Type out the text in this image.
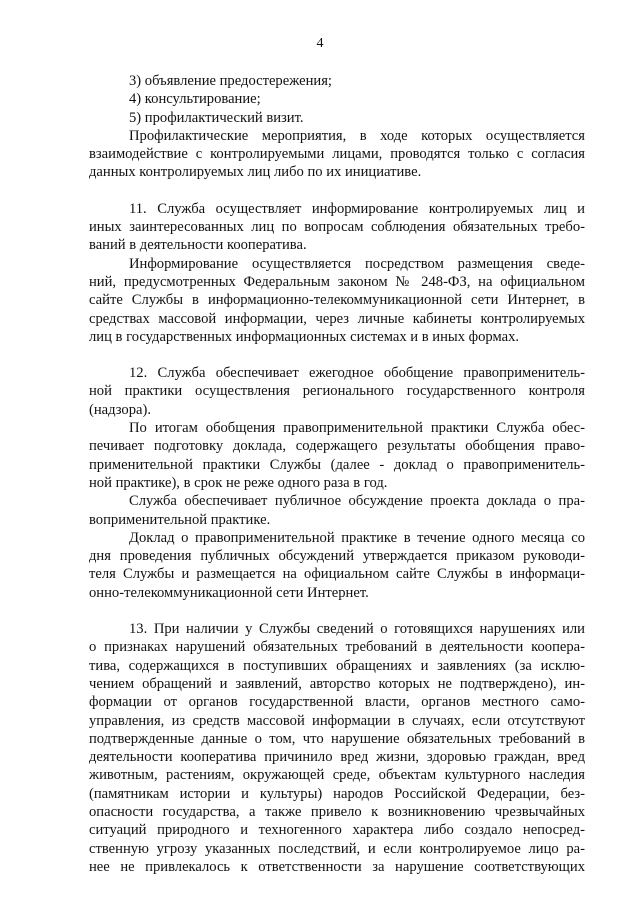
4
3) объявление предостережения;
4) консультирование;
5) профилактический визит.
Профилактические мероприятия, в ходе которых осуществляется
взаимодействие с контролируемыми лицами, проводятся только с согласия
данных контролируемых лиц либо по их инициативе.
11. Служба осуществляет информирование контролируемых лиц и
иных заинтересованных лиц по вопросам соблюдения обязательных требо-
ваний в деятельности кооператива.
Информирование осуществляется посредством размещения сведе-
ний, предусмотренных Федеральным законом № 248-ФЗ, на официальном
сайте Службы в информационно-телекоммуникационной сети Интернет, в
средствах массовой информации, через личные кабинеты контролируемых
лиц в государственных информационных системах и в иных формах.
12. Служба обеспечивает ежегодное обобщение правоприменитель-
ной практики осуществления регионального государственного контроля
(надзора).
По итогам обобщения правоприменительной практики Служба обес-
печивает подготовку доклада, содержащего результаты обобщения право-
применительной практики Службы (далее - доклад о правоприменитель-
ной практике), в срок не реже одного раза в год.
Служба обеспечивает публичное обсуждение проекта доклада о пра-
воприменительной практике.
Доклад о правоприменительной практике в течение одного месяца со
дня проведения публичных обсуждений утверждается приказом руководи-
теля Службы и размещается на официальном сайте Службы в информаци-
онно-телекоммуникационной сети Интернет.
13. При наличии у Службы сведений о готовящихся нарушениях или
о признаках нарушений обязательных требований в деятельности коопера-
тива, содержащихся в поступивших обращениях и заявлениях (за исклю-
чением обращений и заявлений, авторство которых не подтверждено), ин-
формации от органов государственной власти, органов местного само-
управления, из средств массовой информации в случаях, если отсутствуют
подтвержденные данные о том, что нарушение обязательных требований в
деятельности кооператива причинило вред жизни, здоровью граждан, вред
животным, растениям, окружающей среде, объектам культурного наследия
(памятникам истории и культуры) народов Российской Федерации, без-
опасности государства, а также привело к возникновению чрезвычайных
ситуаций природного и техногенного характера либо создало непосред-
ственную угрозу указанных последствий, и если контролируемое лицо ра-
нее не привлекалось к ответственности за нарушение соответствующих
